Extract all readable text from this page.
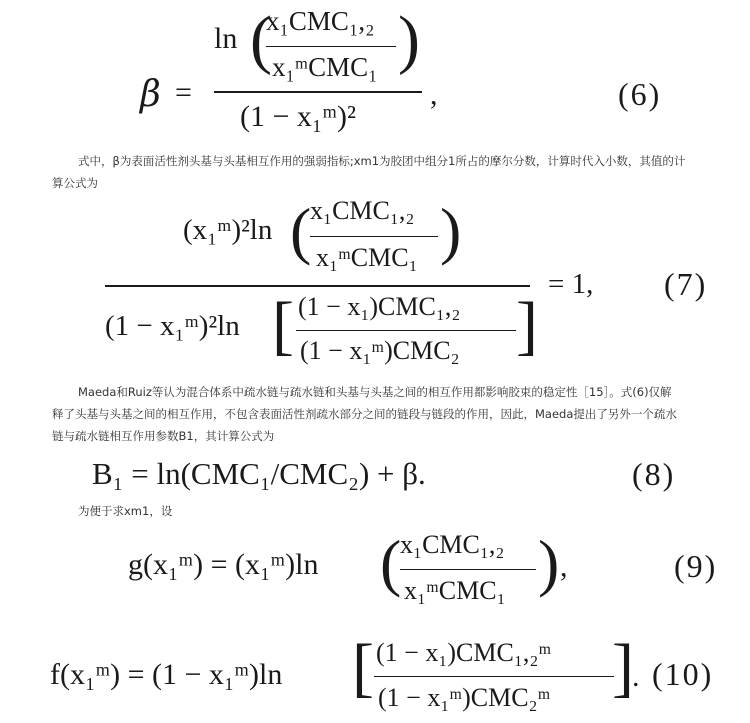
β =
ln (
x₁CMC₁,₂
x₁ᵐCMC₁ )
(1 − x₁ᵐ)²
,	(6)
式中，β为表面活性剂头基与头基相互作用的强弱指标;xm1为胶团中组分1所占的摩尔分数，计算时代入小数，其值的计
算公式为
(x₁ᵐ)²ln (
x₁CMC₁,₂
x₁ᵐCMC₁ )
(1 − x₁ᵐ)²ln [ (1 − x₁)CMC₁,₂
(1 − x₁ᵐ)CMC₂ ]
= 1, (7)
Maeda和Ruiz等认为混合体系中疏水链与疏水链和头基与头基之间的相互作用都影响胶束的稳定性［15］。式(6)仅解
释了头基与头基之间的相互作用，不包含表面活性剂疏水部分之间的链段与链段的作用，因此，Maeda提出了另外一个疏水
链与疏水链相互作用参数B1，其计算公式为
B₁ = ln(CMC₁/CMC₂) + β.	(8)
为便于求xm1，设
g(x₁ᵐ) = (x₁ᵐ)ln (
x₁CMC₁,₂
x₁ᵐCMC₁ ) ,	(9)
f(x₁ᵐ) = (1 − x₁ᵐ)ln [ (1 − x₁)CMC₁,₂ᵐ
(1 − x₁ᵐ)CMC₂ᵐ ]
. (10)
